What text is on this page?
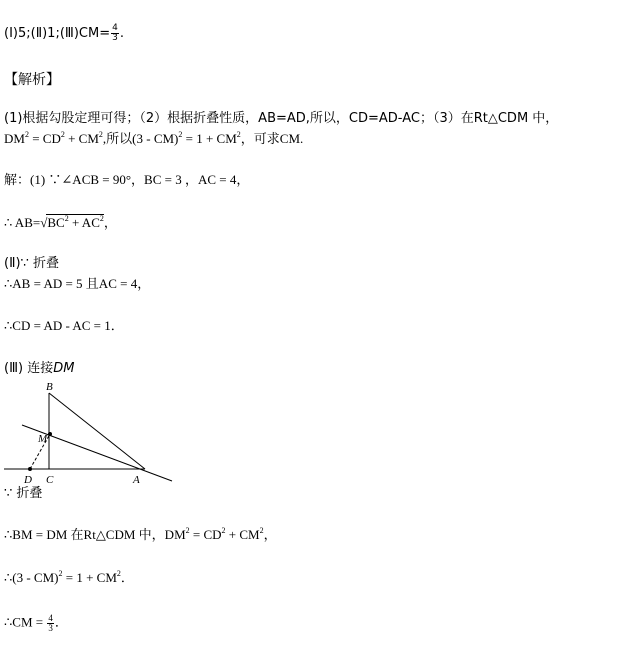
(Ⅰ)5;(Ⅱ)1;(Ⅲ)CM= $\frac{4}{3}$ .
【解析】
(1)根据勾股定理可得；（2）根据折叠性质，AB=AD,所以，CD=AD-AC；（3）在Rt△CDM 中，
$DM^2 = CD^2 + CM^2$,所以$(3 - CM)^2 = 1 + CM^2$，可求CM.
解：(1) ∵∠ACB = 90°，BC = 3 ，AC = 4，
∴ $AB=√BC^2 + AC^2$，
(Ⅱ)∵ 折叠
∴AB = AD = 5 且AC = 4，
∴CD = AD - AC = 1．
(Ⅲ) 连接DM
B
M
D C	A
∵ 折叠
∴BM = DM 在Rt△CDM 中，$DM^2 = CD^2 + CM^2$，
∴(3 - $CM)^2 = 1 + CM^2$．
∴CM = $\frac{4}{3}$ ．
